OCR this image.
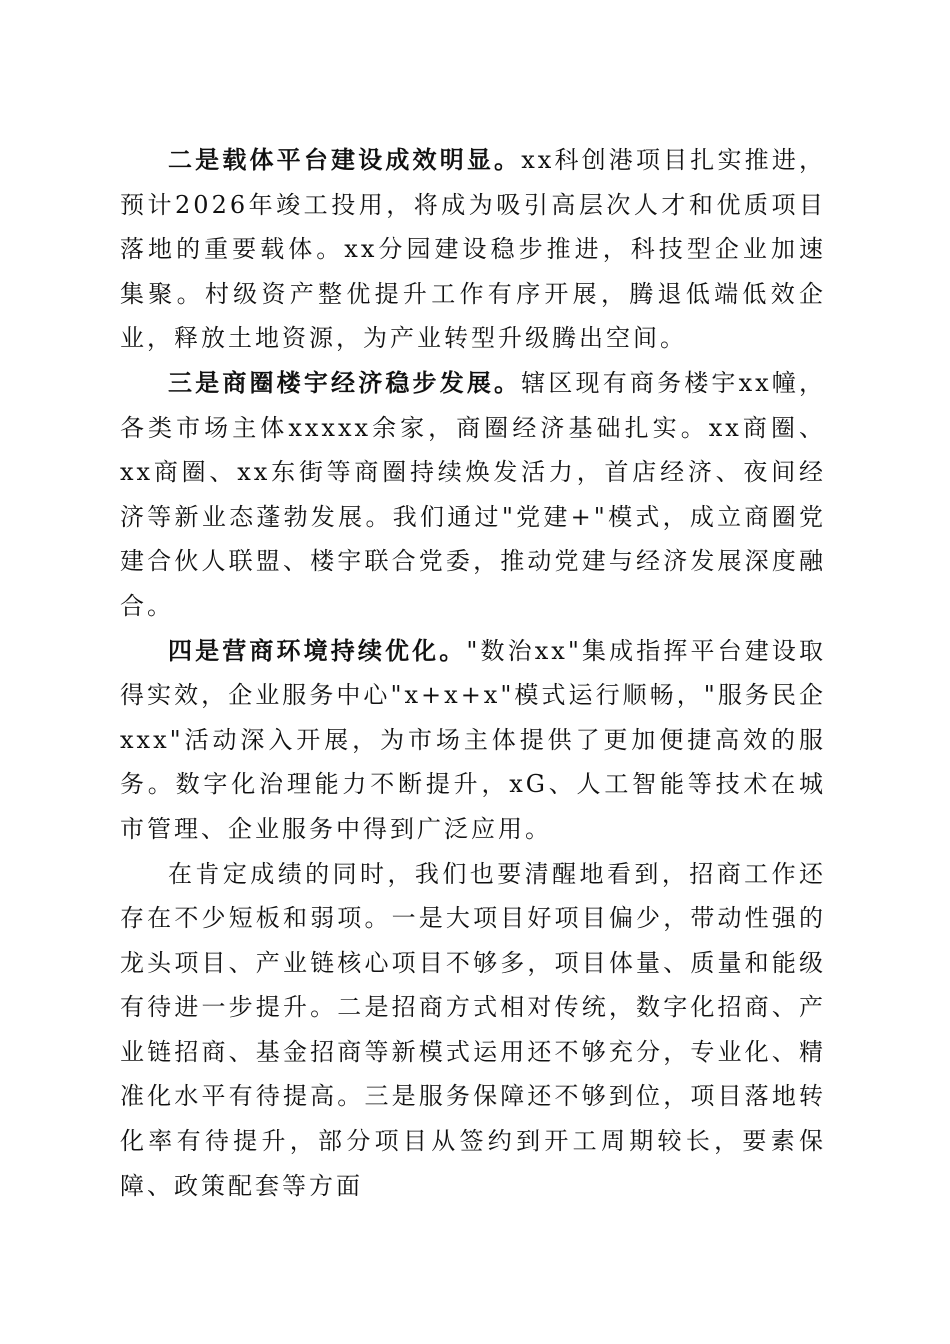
二是载体平台建设成效明显。xx科创港项目扎实推进，预计2026年竣工投用，将成为吸引高层次人才和优质项目落地的重要载体。xx分园建设稳步推进，科技型企业加速集聚。村级资产整优提升工作有序开展，腾退低端低效企业，释放土地资源，为产业转型升级腾出空间。

三是商圈楼宇经济稳步发展。辖区现有商务楼宇xx幢，各类市场主体xxxxx余家，商圈经济基础扎实。xx商圈、xx商圈、xx东街等商圈持续焕发活力，首店经济、夜间经济等新业态蓬勃发展。我们通过"党建+"模式，成立商圈党建合伙人联盟、楼宇联合党委，推动党建与经济发展深度融合。

四是营商环境持续优化。"数治xx"集成指挥平台建设取得实效，企业服务中心"x+x+x"模式运行顺畅，"服务民企xxx"活动深入开展，为市场主体提供了更加便捷高效的服务。数字化治理能力不断提升，xG、人工智能等技术在城市管理、企业服务中得到广泛应用。

在肯定成绩的同时，我们也要清醒地看到，招商工作还存在不少短板和弱项。一是大项目好项目偏少，带动性强的龙头项目、产业链核心项目不够多，项目体量、质量和能级有待进一步提升。二是招商方式相对传统，数字化招商、产业链招商、基金招商等新模式运用还不够充分，专业化、精准化水平有待提高。三是服务保障还不够到位，项目落地转化率有待提升，部分项目从签约到开工周期较长，要素保障、政策配套等方面
